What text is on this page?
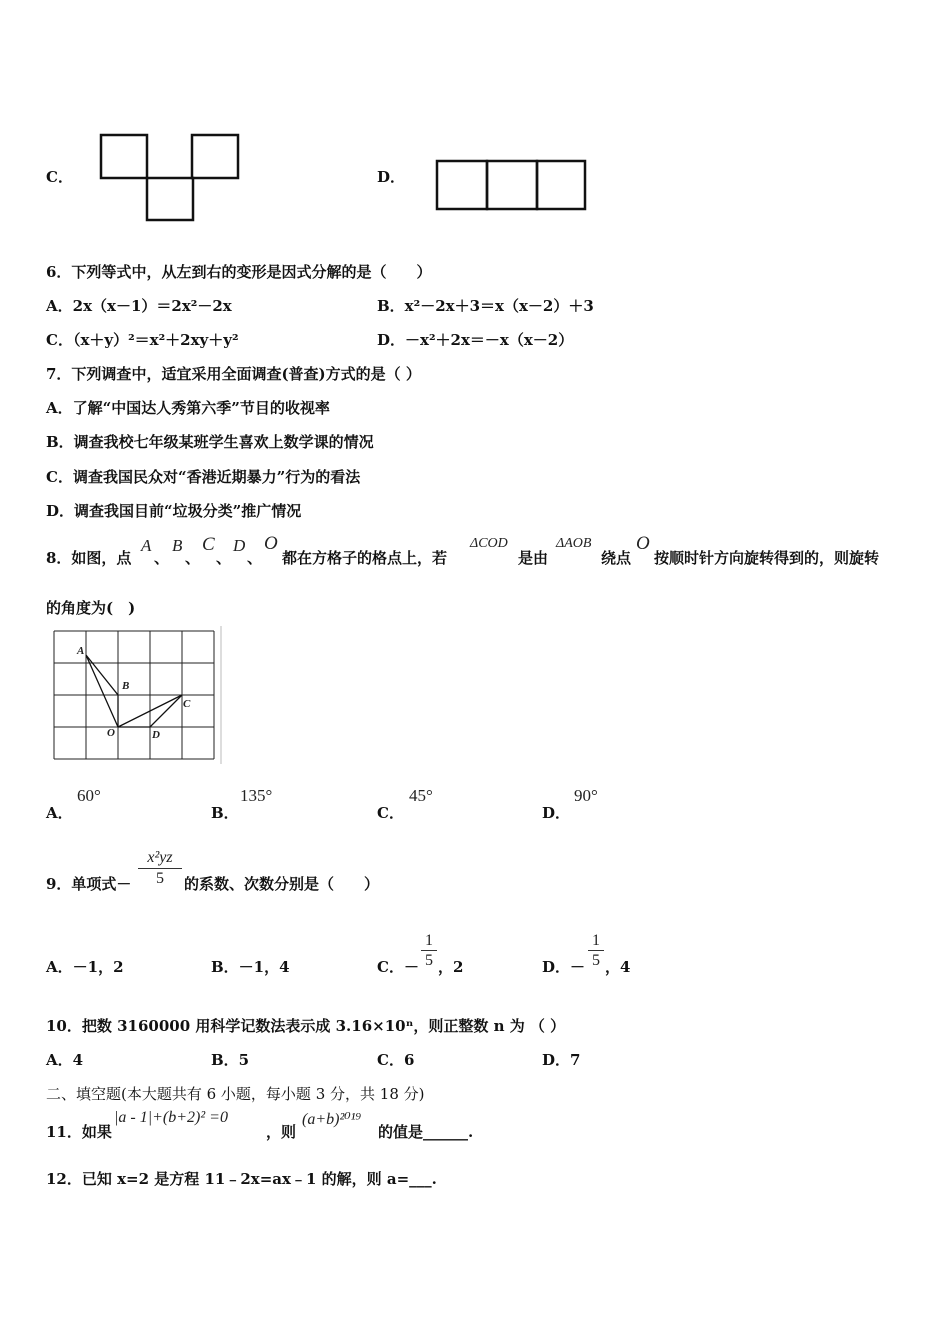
C．	D．
6．下列等式中，从左到右的变形是因式分解的是（　　）
A．2x（x－1）＝2x²－2x	B．x²－2x＋3＝x（x－2）＋3
C．（x＋y）²＝x²＋2xy＋y²	D．－x²＋2x＝－x（x－2）
7．下列调查中，适宜采用全面调查(普查)方式的是（ ）
A．了解“中国达人秀第六季”节目的收视率
B．调查我校七年级某班学生喜欢上数学课的情况
C．调查我国民众对“香港近期暴力”行为的看法
D．调查我国目前“垃圾分类”推广情况
8．如图，点
A
、
B
、
C
、
D
、
O
都在方格子的格点上，若
ΔCOD
是由
ΔAOB
绕点
O
按顺时针方向旋转得到的，则旋转
的角度为(　)
A
B
C
O	D
A．
60°
B．
135°
C．
45°
D．
90°
9．单项式－
x²yz
5	的系数、次数分别是（　　）
A．－1，2	B．－1，4	C．－
1
5 ，2	D．－
1
5 ，4
10．把数 3160000 用科学记数法表示成 3.16×10ⁿ，则正整数 n 为 （ ）
A．4	B．5	C．6	D．7
二、填空题(本大题共有 6 小题，每小题 3 分，共 18 分)
11．如果
|a - 1|+(b+2)² =0
，则
(a+b)²⁰¹⁹
的值是______.
12．已知 x=2 是方程 11﹣2x=ax﹣1 的解，则 a=___.
